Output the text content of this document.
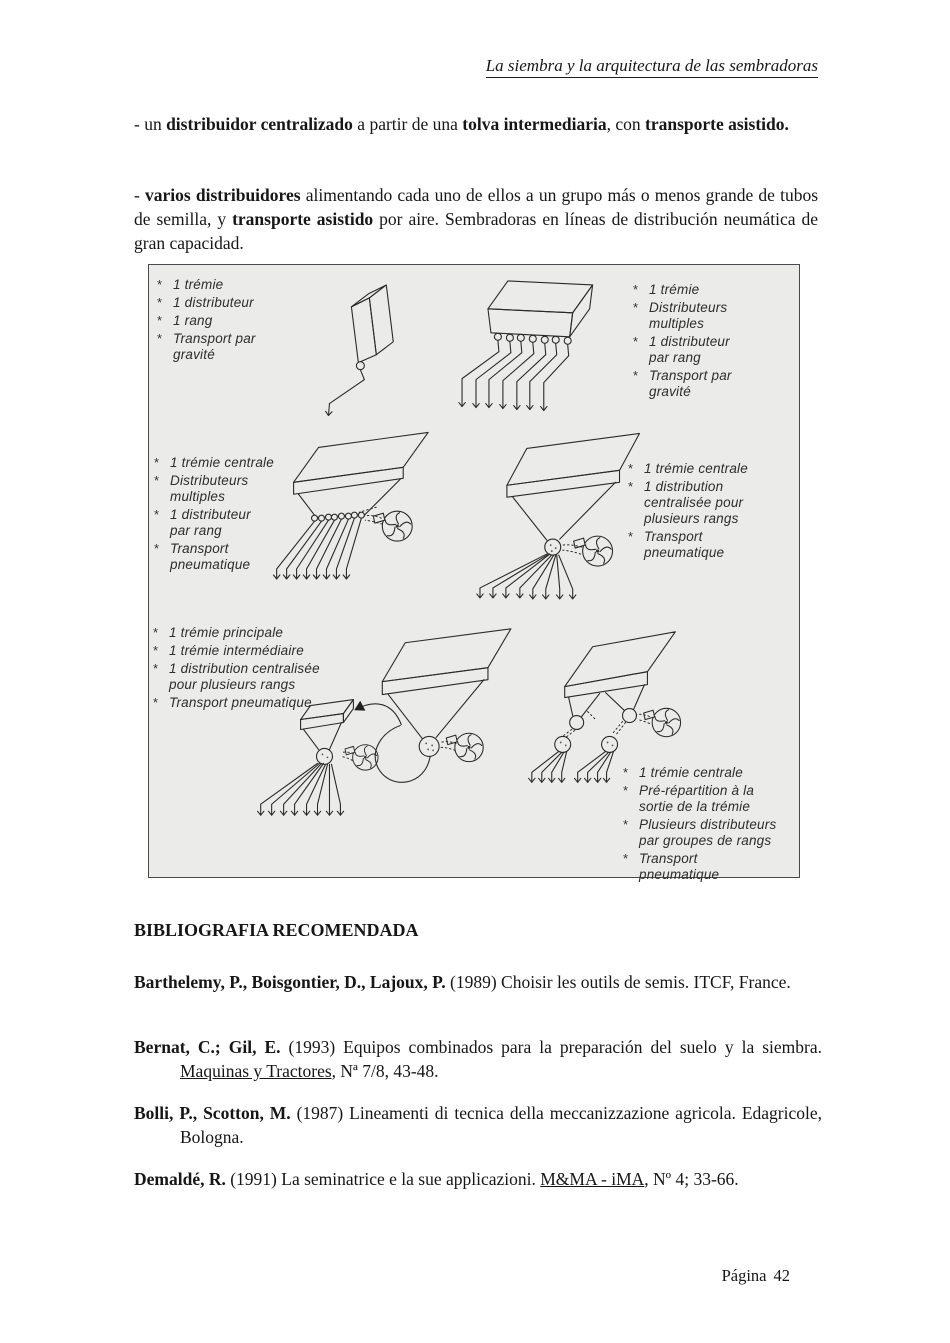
La siembra y la arquitectura de las sembradoras

- un distribuidor centralizado a partir de una tolva intermediaria, con transporte asistido.

- varios distribuidores alimentando cada uno de ellos a un grupo más o menos grande de tubos de semilla, y transporte asistido por aire. Sembradoras en líneas de distribución neumática de gran capacidad.

* 1 trémie
* 1 distributeur
* 1 rang
* Transport par
gravité
* 1 trémie
* Distributeurs
multiples
* 1 distributeur
par rang
* Transport par
gravité
* 1 trémie centrale
* Distributeurs
multiples
* 1 distributeur
par rang
* Transport
pneumatique
* 1 trémie centrale
* 1 distribution
centralisée pour
plusieurs rangs
* Transport
pneumatique
* 1 trémie principale
* 1 trémie intermédiaire
* 1 distribution centralisée
pour plusieurs rangs
* Transport pneumatique
* 1 trémie centrale
* Pré-répartition à la
sortie de la trémie
* Plusieurs distributeurs
par groupes de rangs
* Transport
pneumatique
BIBLIOGRAFIA RECOMENDADA

Barthelemy, P., Boisgontier, D., Lajoux, P. (1989) Choisir les outils de semis. ITCF, France.

Bernat, C.; Gil, E. (1993) Equipos combinados para la preparación del suelo y la siembra. Maquinas y Tractores, Nª 7/8, 43-48.

Bolli, P., Scotton, M. (1987) Lineamenti di tecnica della meccanizzazione agricola. Edagricole, Bologna.

Demaldé, R. (1991) La seminatrice e la sue applicazioni. M&MA - iMA, Nº 4; 33-66.

Página 42
